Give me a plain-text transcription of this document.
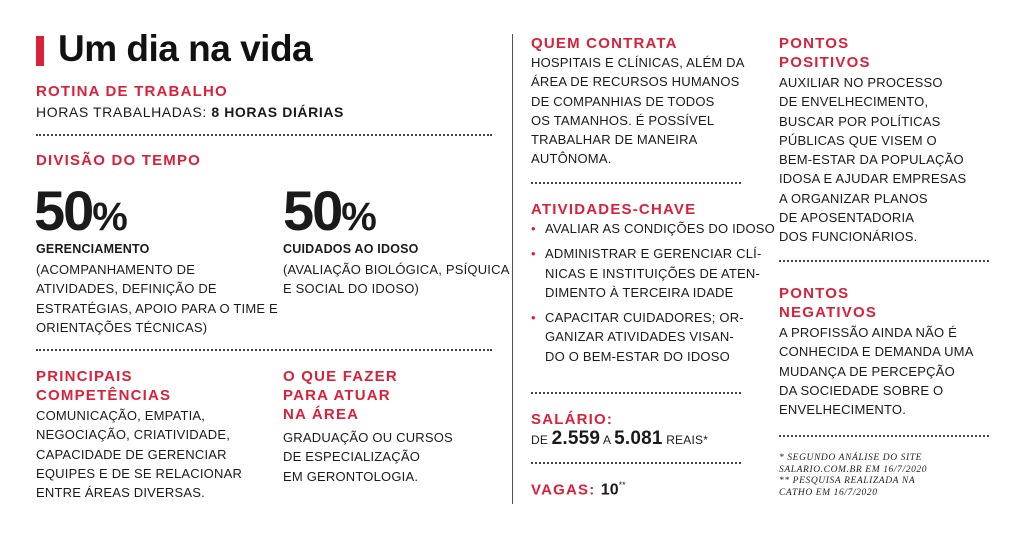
Um dia na vida
ROTINA DE TRABALHO
HORAS TRABALHADAS: 8 HORAS DIÁRIAS
DIVISÃO DO TEMPO
50%
GERENCIAMENTO
(ACOMPANHAMENTO DE
ATIVIDADES, DEFINIÇÃO DE
ESTRATÉGIAS, APOIO PARA O TIME E
ORIENTAÇÕES TÉCNICAS)
50%
CUIDADOS AO IDOSO
(AVALIAÇÃO BIOLÓGICA, PSÍQUICA
E SOCIAL DO IDOSO)
PRINCIPAIS
COMPETÊNCIAS
COMUNICAÇÃO, EMPATIA,
NEGOCIAÇÃO, CRIATIVIDADE,
CAPACIDADE DE GERENCIAR
EQUIPES E DE SE RELACIONAR
ENTRE ÁREAS DIVERSAS.
O QUE FAZER
PARA ATUAR
NA ÁREA
GRADUAÇÃO OU CURSOS
DE ESPECIALIZAÇÃO
EM GERONTOLOGIA.
QUEM CONTRATA
HOSPITAIS E CLÍNICAS, ALÉM DA
ÁREA DE RECURSOS HUMANOS
DE COMPANHIAS DE TODOS
OS TAMANHOS. É POSSÍVEL
TRABALHAR DE MANEIRA
AUTÔNOMA.
ATIVIDADES-CHAVE
• AVALIAR AS CONDIÇÕES DO IDOSO
• ADMINISTRAR E GERENCIAR CLÍ-
NICAS E INSTITUIÇÕES DE ATEN-
DIMENTO À TERCEIRA IDADE
• CAPACITAR CUIDADORES; OR-
GANIZAR ATIVIDADES VISAN-
DO O BEM-ESTAR DO IDOSO
SALÁRIO:
DE 2.559 A 5.081 REAIS*
VAGAS: 10**
PONTOS
POSITIVOS
AUXILIAR NO PROCESSO
DE ENVELHECIMENTO,
BUSCAR POR POLÍTICAS
PÚBLICAS QUE VISEM O
BEM-ESTAR DA POPULAÇÃO
IDOSA E AJUDAR EMPRESAS
A ORGANIZAR PLANOS
DE APOSENTADORIA
DOS FUNCIONÁRIOS.
PONTOS
NEGATIVOS
A PROFISSÃO AINDA NÃO É
CONHECIDA E DEMANDA UMA
MUDANÇA DE PERCEPÇÃO
DA SOCIEDADE SOBRE O
ENVELHECIMENTO.
* SEGUNDO ANÁLISE DO SITE
SALARIO.COM.BR EM 16/7/2020
** PESQUISA REALIZADA NA
CATHO EM 16/7/2020
